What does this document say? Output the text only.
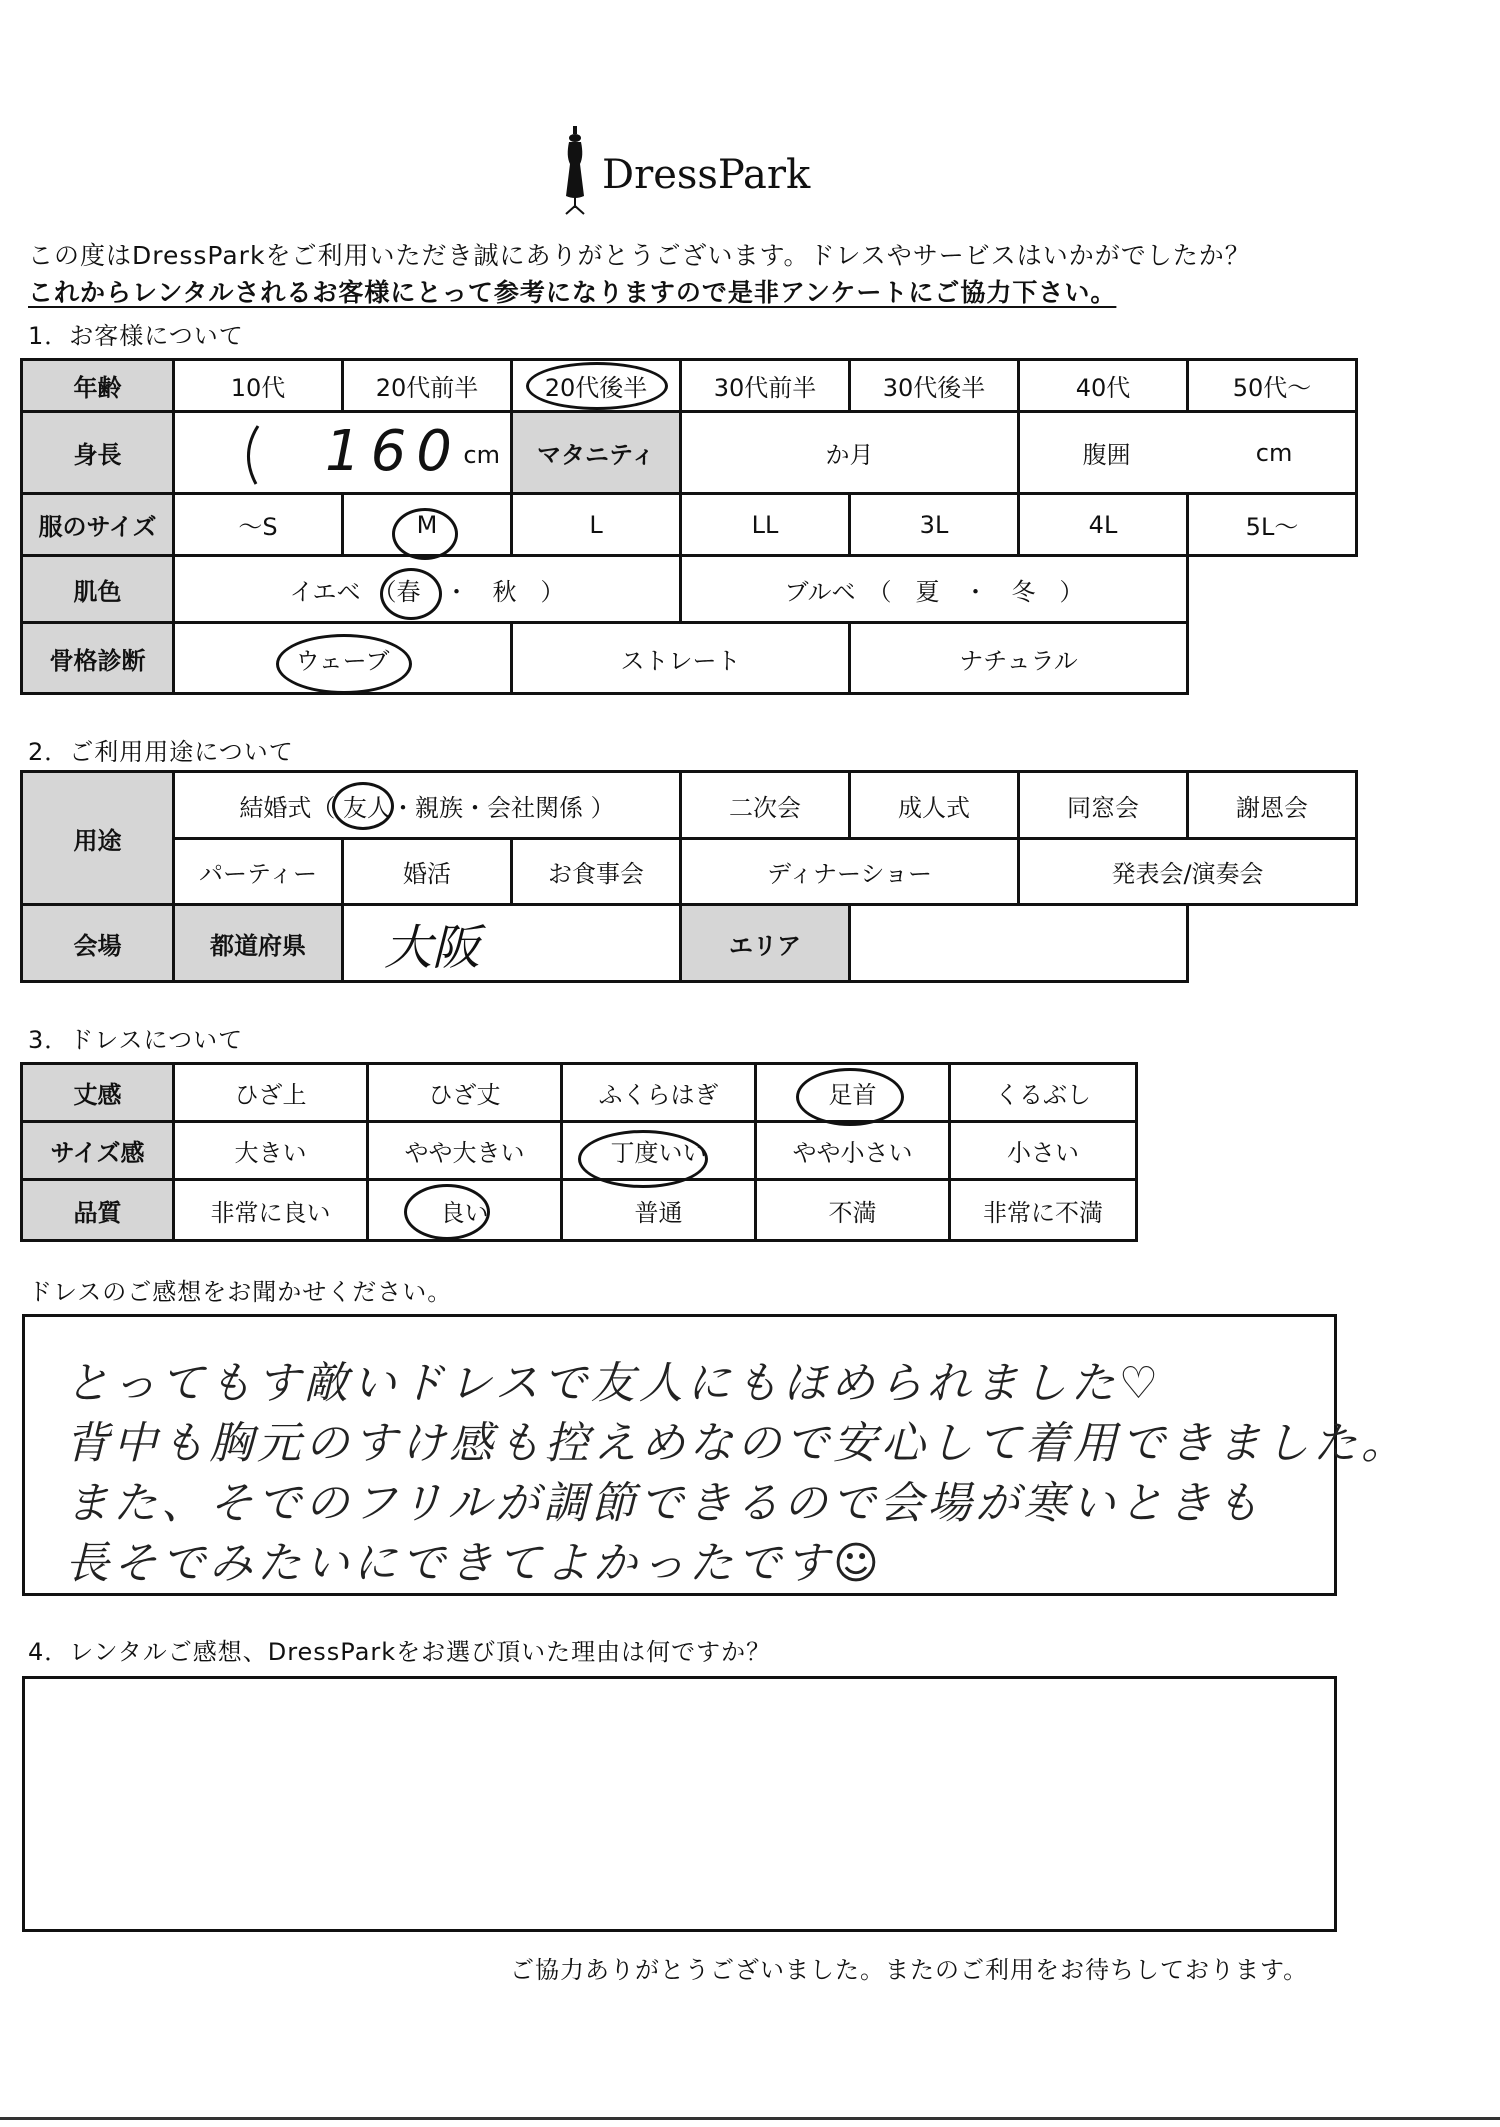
DressPark
この度はDressParkをご利用いただき誠にありがとうございます。ドレスやサービスはいかがでしたか？
これからレンタルされるお客様にとって参考になりますので是非アンケートにご協力下さい。
1．お客様について
年齢	10代	20代前半	20代後半	30代前半	30代後半	40代	50代～
身長	160 cm	マタニティ	か月	腹囲	cm
服のサイズ	～S	M	L	LL	3L	4L	5L～
肌色	イエベ　（春　・　秋　）	ブルベ　（　夏　・　冬　）
骨格診断	ウェーブ	ストレート	ナチュラル
2．ご利用用途について
用途
結婚式（ 友人・親族・会社関係 ）	二次会	成人式	同窓会	謝恩会
パーティー	婚活	お食事会	ディナーショー	発表会/演奏会
会場	都道府県	大阪	エリア
3．ドレスについて
丈感	ひざ上	ひざ丈	ふくらはぎ	足首	くるぶし
サイズ感	大きい	やや大きい	丁度いい	やや小さい	小さい
品質	非常に良い	良い	普通	不満	非常に不満
ドレスのご感想をお聞かせください。
とってもす敵いドレスで友人にもほめられました♡
背中も胸元のすけ感も控えめなので安心して着用できました。
また、そでのフリルが調節できるので会場が寒いときも
長そでみたいにできてよかったです☺
4．レンタルご感想、DressParkをお選び頂いた理由は何ですか？
ご協力ありがとうございました。またのご利用をお待ちしております。
